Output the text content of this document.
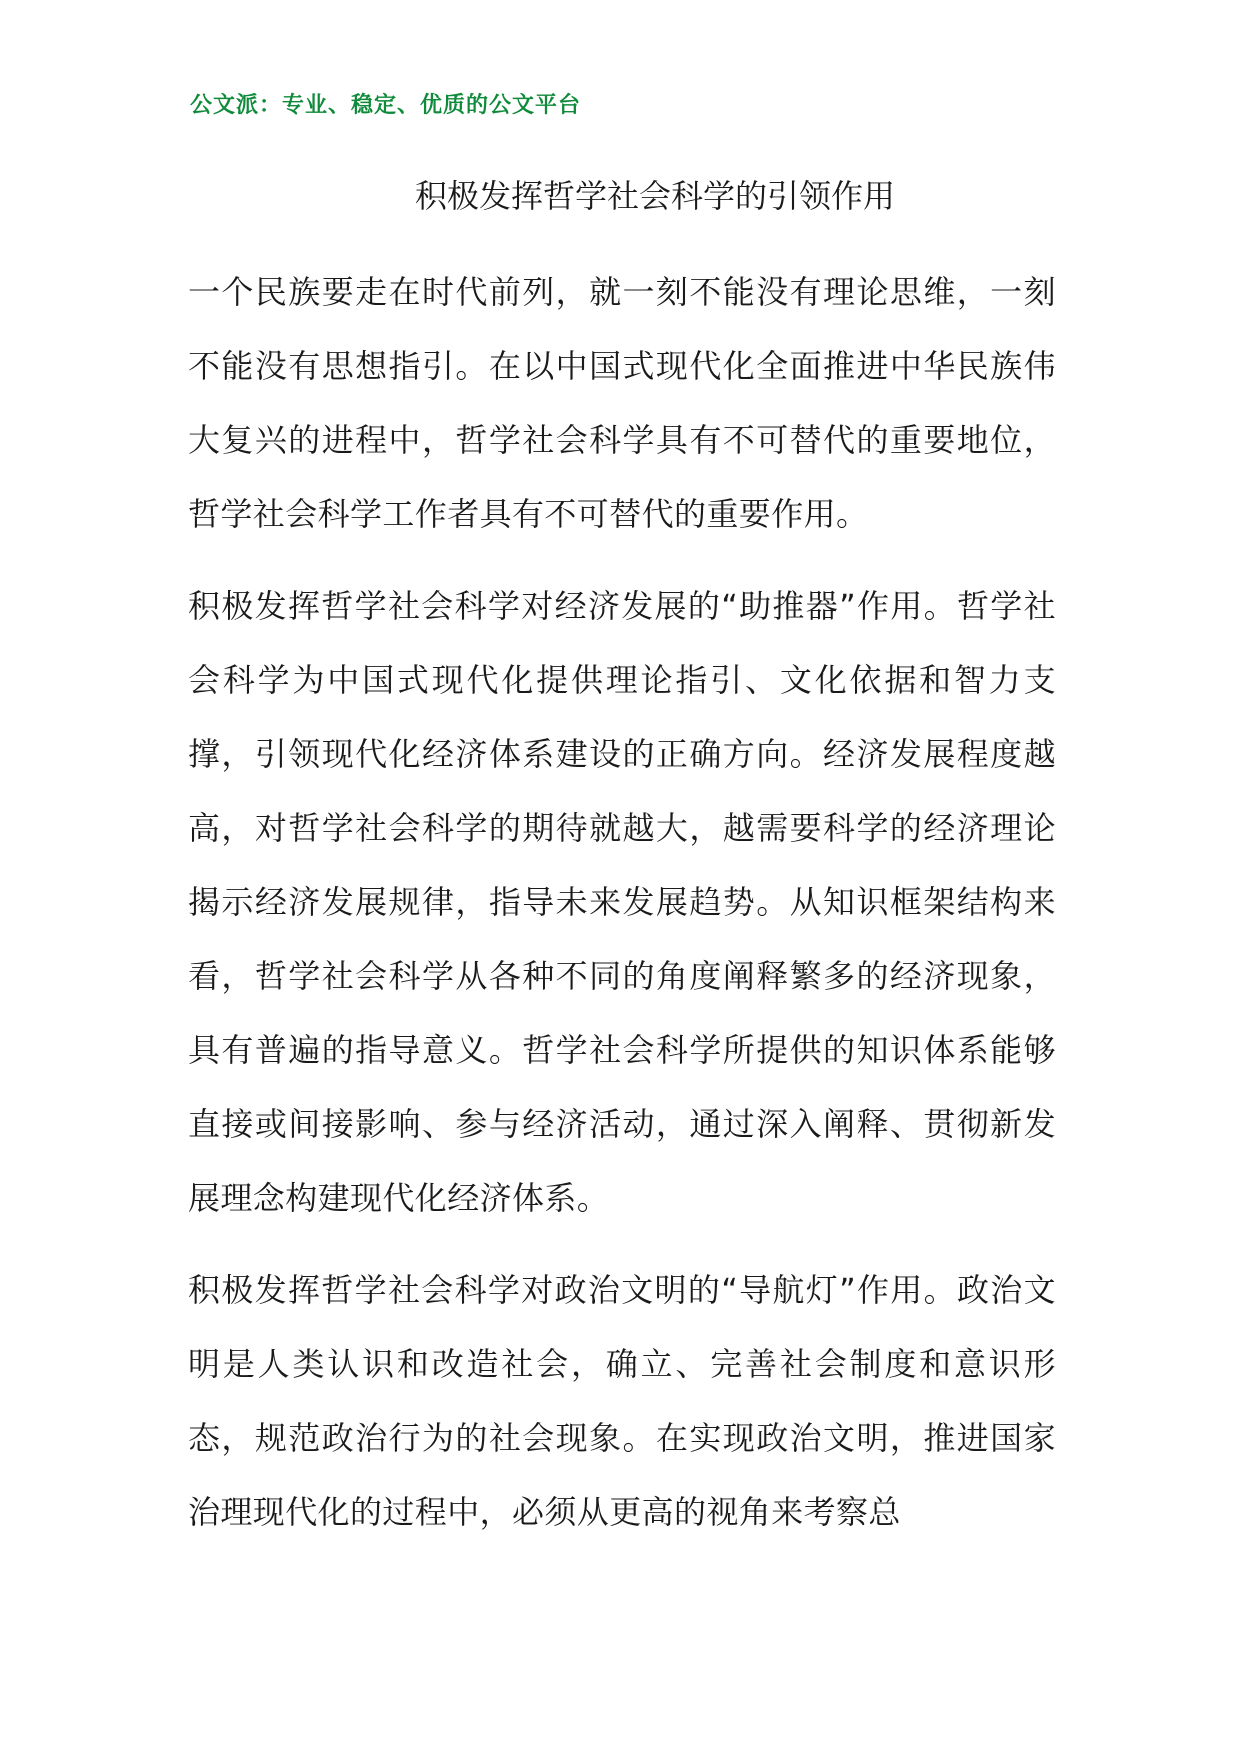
公文派：专业、稳定、优质的公文平台
积极发挥哲学社会科学的引领作用

一个民族要走在时代前列，就一刻不能没有理论思维，一刻不能没有思想指引。在以中国式现代化全面推进中华民族伟大复兴的进程中，哲学社会科学具有不可替代的重要地位，哲学社会科学工作者具有不可替代的重要作用。

积极发挥哲学社会科学对经济发展的“助推器”作用。哲学社会科学为中国式现代化提供理论指引、文化依据和智力支撑，引领现代化经济体系建设的正确方向。经济发展程度越高，对哲学社会科学的期待就越大，越需要科学的经济理论揭示经济发展规律，指导未来发展趋势。从知识框架结构来看，哲学社会科学从各种不同的角度阐释繁多的经济现象，具有普遍的指导意义。哲学社会科学所提供的知识体系能够直接或间接影响、参与经济活动，通过深入阐释、贯彻新发展理念构建现代化经济体系。

积极发挥哲学社会科学对政治文明的“导航灯”作用。政治文明是人类认识和改造社会，确立、完善社会制度和意识形态，规范政治行为的社会现象。在实现政治文明，推进国家治理现代化的过程中，必须从更高的视角来考察总
